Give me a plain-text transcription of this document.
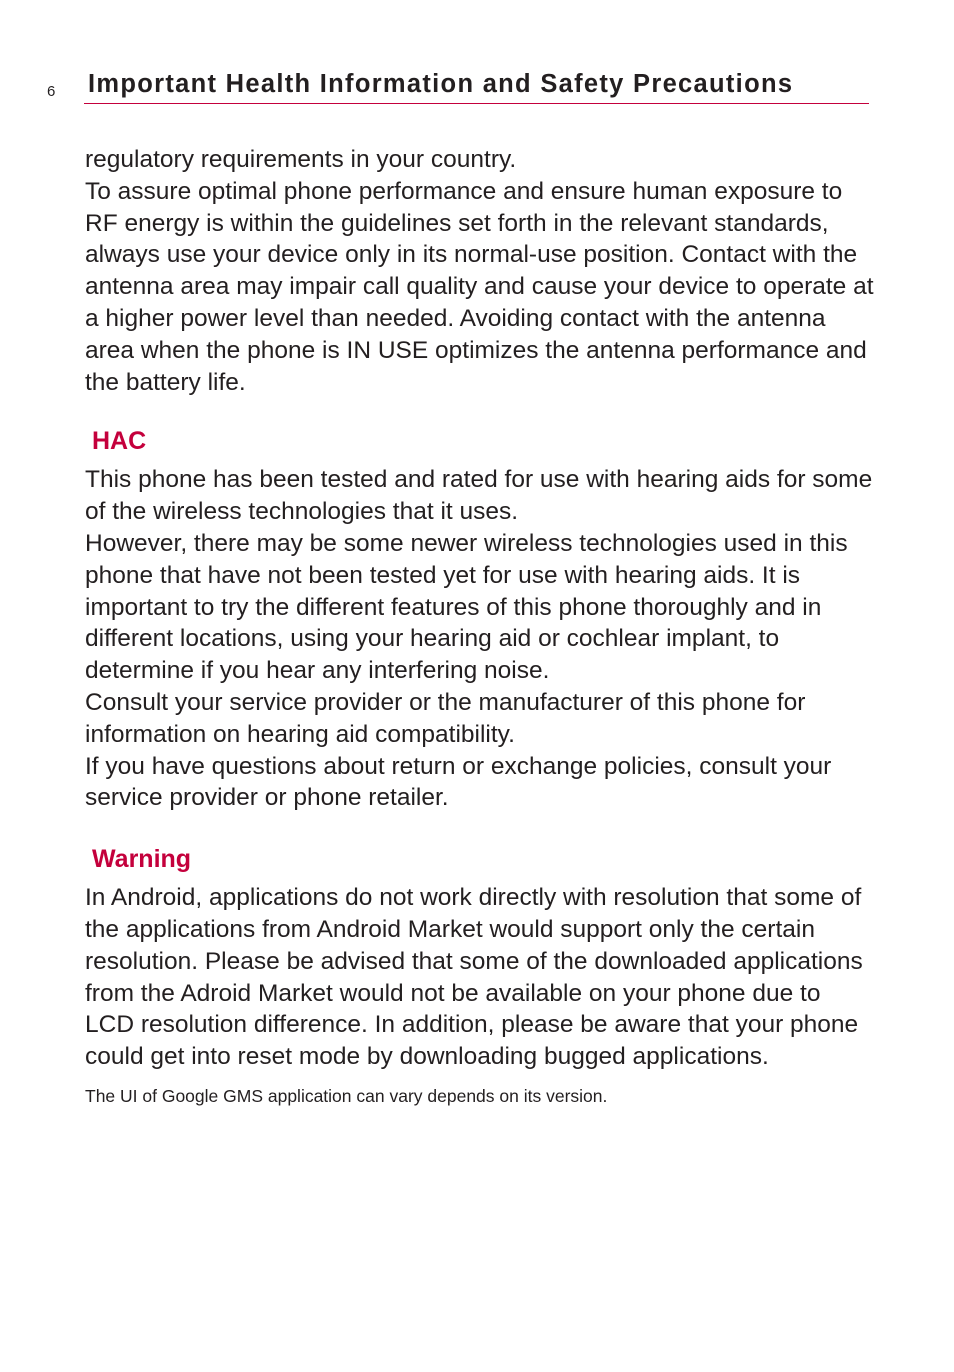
6 Important Health Information and Safety Precautions

regulatory requirements in your country.

To assure optimal phone performance and ensure human exposure to RF energy is within the guidelines set forth in the relevant standards, always use your device only in its normal-use position. Contact with the antenna area may impair call quality and cause your device to operate at a higher power level than needed. Avoiding contact with the antenna area when the phone is IN USE optimizes the antenna performance and the battery life.

HAC

This phone has been tested and rated for use with hearing aids for some of the wireless technologies that it uses.

However, there may be some newer wireless technologies used in this phone that have not been tested yet for use with hearing aids. It is important to try the different features of this phone thoroughly and in different locations, using your hearing aid or cochlear implant, to determine if you hear any interfering noise.

Consult your service provider or the manufacturer of this phone for information on hearing aid compatibility.

If you have questions about return or exchange policies, consult your service provider or phone retailer.

Warning

In Android, applications do not work directly with resolution that some of the applications from Android Market would support only the certain resolution. Please be advised that some of the downloaded applications from the Adroid Market would not be available on your phone due to LCD resolution difference. In addition, please be aware that your phone could get into reset mode by downloading bugged applications.

The UI of Google GMS application can vary depends on its version.
